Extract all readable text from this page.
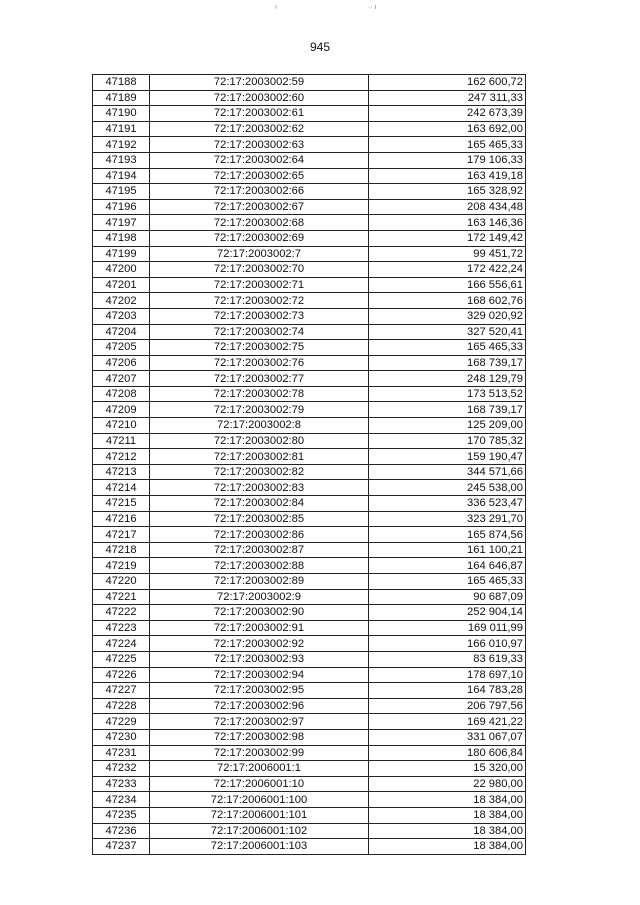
ı	·· ı
945
47188	72:17:2003002:59	162 600,72
47189	72:17:2003002:60	247 311,33
47190	72:17:2003002:61	242 673,39
47191	72:17:2003002:62	163 692,00
47192	72:17:2003002:63	165 465,33
47193	72:17:2003002:64	179 106,33
47194	72:17:2003002:65	163 419,18
47195	72:17:2003002:66	165 328,92
47196	72:17:2003002:67	208 434,48
47197	72:17:2003002:68	163 146,36
47198	72:17:2003002:69	172 149,42
47199	72:17:2003002:7	99 451,72
47200	72:17:2003002:70	172 422,24
47201	72:17:2003002:71	166 556,61
47202	72:17:2003002:72	168 602,76
47203	72:17:2003002:73	329 020,92
47204	72:17:2003002:74	327 520,41
47205	72:17:2003002:75	165 465,33
47206	72:17:2003002:76	168 739,17
47207	72:17:2003002:77	248 129,79
47208	72:17:2003002:78	173 513,52
47209	72:17:2003002:79	168 739,17
47210	72:17:2003002:8	125 209,00
47211	72:17:2003002:80	170 785,32
47212	72:17:2003002:81	159 190,47
47213	72:17:2003002:82	344 571,66
47214	72:17:2003002:83	245 538,00
47215	72:17:2003002:84	336 523,47
47216	72:17:2003002:85	323 291,70
47217	72:17:2003002:86	165 874,56
47218	72:17:2003002:87	161 100,21
47219	72:17:2003002:88	164 646,87
47220	72:17:2003002:89	165 465,33
47221	72:17:2003002:9	90 687,09
47222	72:17:2003002:90	252 904,14
47223	72:17:2003002:91	169 011,99
47224	72:17:2003002:92	166 010,97
47225	72:17:2003002:93	83 619,33
47226	72:17:2003002:94	178 697,10
47227	72:17:2003002:95	164 783,28
47228	72:17:2003002:96	206 797,56
47229	72:17:2003002:97	169 421,22
47230	72:17:2003002:98	331 067,07
47231	72:17:2003002:99	180 606,84
47232	72:17:2006001:1	15 320,00
47233	72:17:2006001:10	22 980,00
47234	72:17:2006001:100	18 384,00
47235	72:17:2006001:101	18 384,00
47236	72:17:2006001:102	18 384,00
47237	72:17:2006001:103	18 384,00
